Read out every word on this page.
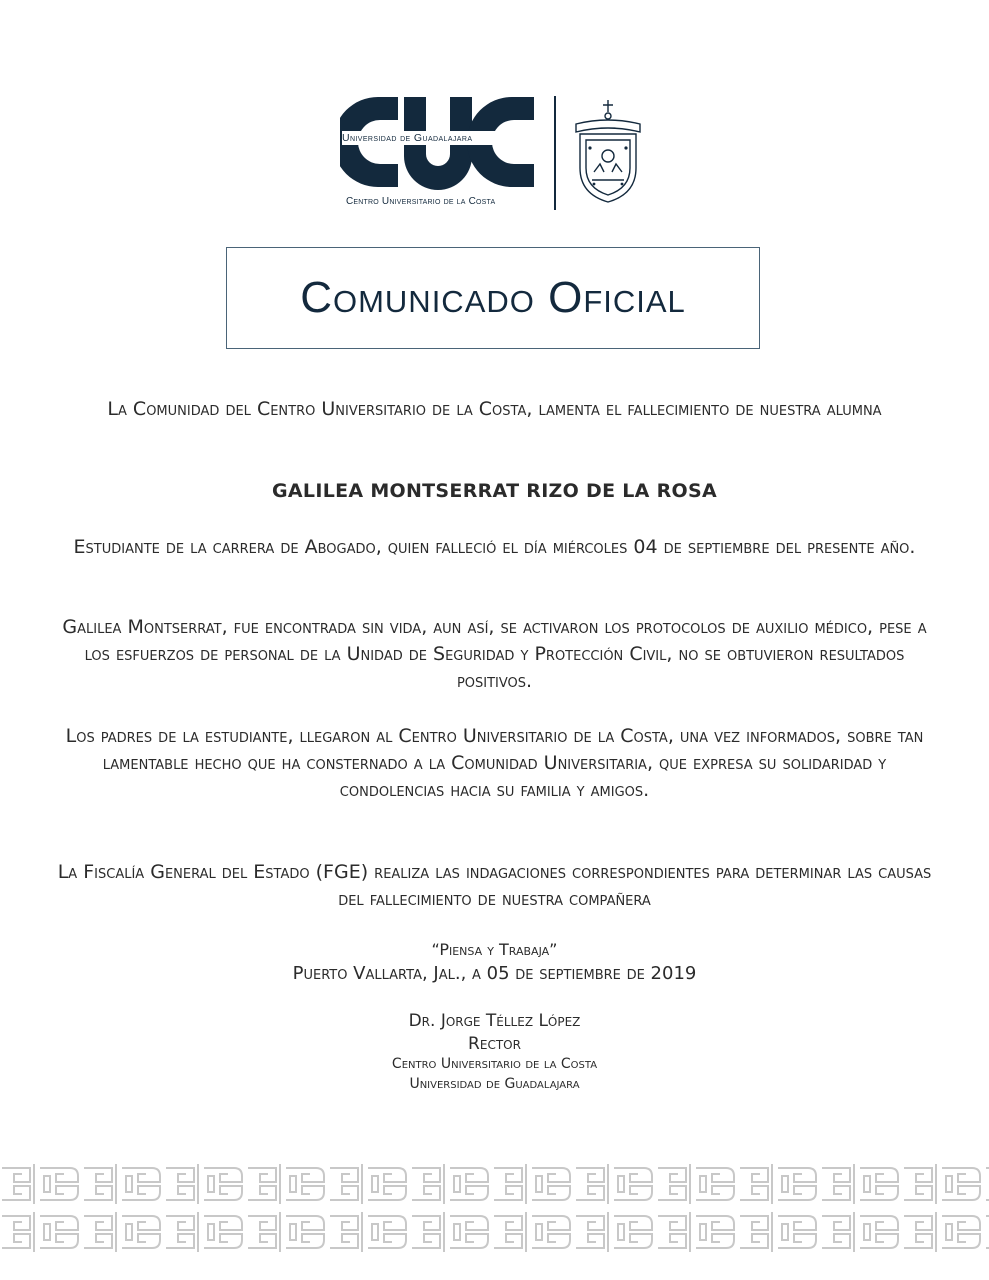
Universidad de Guadalajara
Centro Universitario de la Costa
Comunicado Oficial

La Comunidad del Centro Universitario de la Costa, lamenta el fallecimiento de nuestra alumna

GALILEA MONTSERRAT RIZO DE LA ROSA

Estudiante de la carrera de Abogado, quien falleció el día miércoles 04 de septiembre del presente año.

Galilea Montserrat, fue encontrada sin vida, aun así, se activaron los protocolos de auxilio médico, pese a los esfuerzos de personal de la Unidad de Seguridad y Protección Civil, no se obtuvieron resultados positivos.

Los padres de la estudiante, llegaron al Centro Universitario de la Costa, una vez informados, sobre tan lamentable hecho que ha consternado a la Comunidad Universitaria, que expresa su solidaridad y condolencias hacia su familia y amigos.

La Fiscalía General del Estado (FGE) realiza las indagaciones correspondientes para determinar las causas del fallecimiento de nuestra compañera

“Piensa y Trabaja”
Puerto Vallarta, Jal., a 05 de septiembre de 2019
Dr. Jorge Téllez López
Rector
Centro Universitario de la Costa
Universidad de Guadalajara
